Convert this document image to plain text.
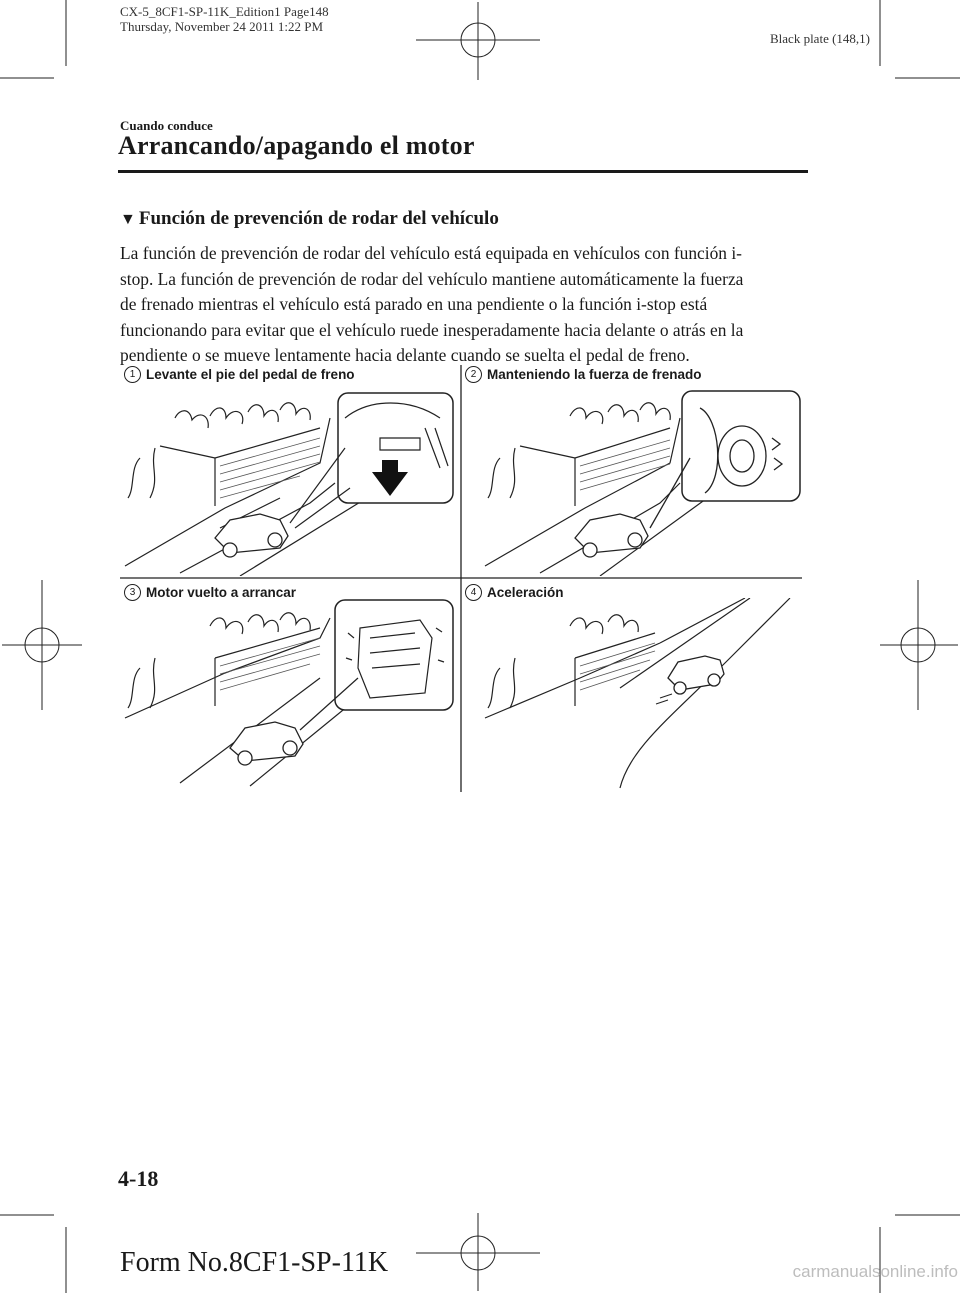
CX-5_8CF1-SP-11K_Edition1 Page148
Thursday, November 24 2011 1:22 PM
Black plate (148,1)
Cuando conduce
Arrancando/apagando el motor
▼ Función de prevención de rodar del vehículo

La función de prevención de rodar del vehículo está equipada en vehículos con función i-

stop. La función de prevención de rodar del vehículo mantiene automáticamente la fuerza

de frenado mientras el vehículo está parado en una pendiente o la función i-stop está

funcionando para evitar que el vehículo ruede inesperadamente hacia delante o atrás en la

pendiente o se mueve lentamente hacia delante cuando se suelta el pedal de freno.

1 Levante el pie del pedal de freno	2 Manteniendo la fuerza de frenado
3 Motor vuelto a arrancar	4 Aceleración
4-18
Form No.8CF1-SP-11K	carmanualsonline.info
